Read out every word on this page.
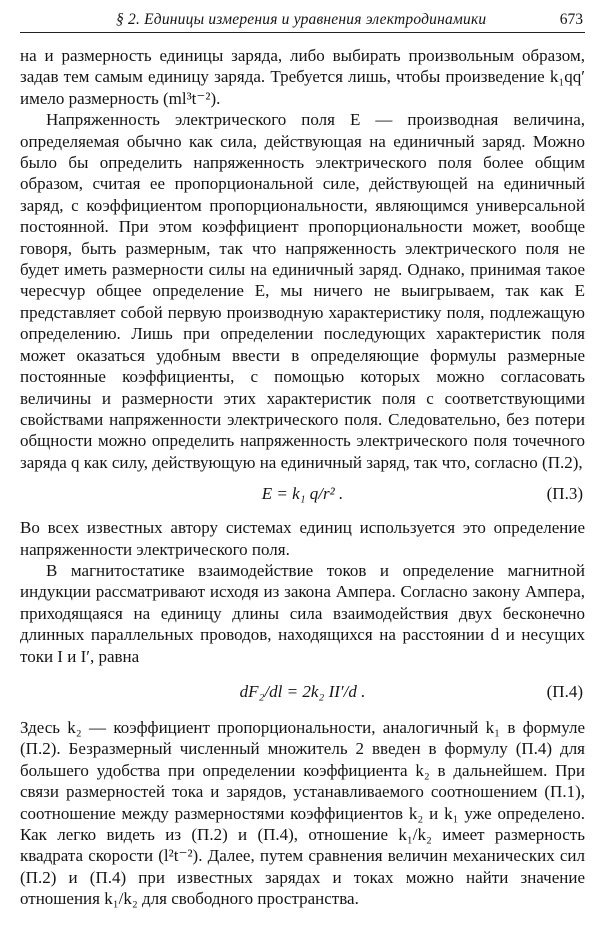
§ 2. Единицы измерения и уравнения электродинамики	673

на и размерность единицы заряда, либо выбирать произвольным образом, задав тем самым единицу заряда. Требуется лишь, чтобы произведение k₁qq′ имело размерность (ml³t⁻²).

Напряженность электрического поля E — производная величина, определяемая обычно как сила, действующая на единичный заряд. Можно было бы определить напряженность электрического поля более общим образом, считая ее пропорциональной силе, действующей на единичный заряд, с коэффициентом пропорциональности, являющимся универсальной постоянной. При этом коэффициент пропорциональности может, вообще говоря, быть размерным, так что напряженность электрического поля не будет иметь размерности силы на единичный заряд. Однако, принимая такое чересчур общее определение E, мы ничего не выигрываем, так как E представляет собой первую производную характеристику поля, подлежащую определению. Лишь при определении последующих характеристик поля может оказаться удобным ввести в определяющие формулы размерные постоянные коэффициенты, с помощью которых можно согласовать величины и размерности этих характеристик поля с соответствующими свойствами напряженности электрического поля. Следовательно, без потери общности можно определить напряженность электрического поля точечного заряда q как силу, действующую на единичный заряд, так что, согласно (П.2),

E = k₁ q/r² .	(П.3)

Во всех известных автору системах единиц используется это определение напряженности электрического поля.

В магнитостатике взаимодействие токов и определение магнитной индукции рассматривают исходя из закона Ампера. Согласно закону Ампера, приходящаяся на единицу длины сила взаимодействия двух бесконечно длинных параллельных проводов, находящихся на расстоянии d и несущих токи I и I′, равна

dF₂/dl = 2k₂ II′/d .	(П.4)

Здесь k₂ — коэффициент пропорциональности, аналогичный k₁ в формуле (П.2). Безразмерный численный множитель 2 введен в формулу (П.4) для большего удобства при определении коэффициента k₂ в дальнейшем. При связи размерностей тока и зарядов, устанавливаемого соотношением (П.1), соотношение между размерностями коэффициентов k₂ и k₁ уже определено. Как легко видеть из (П.2) и (П.4), отношение k₁/k₂ имеет размерность квадрата скорости (l²t⁻²). Далее, путем сравнения величин механических сил (П.2) и (П.4) при известных зарядах и токах можно найти значение отношения k₁/k₂ для свободного пространства.
